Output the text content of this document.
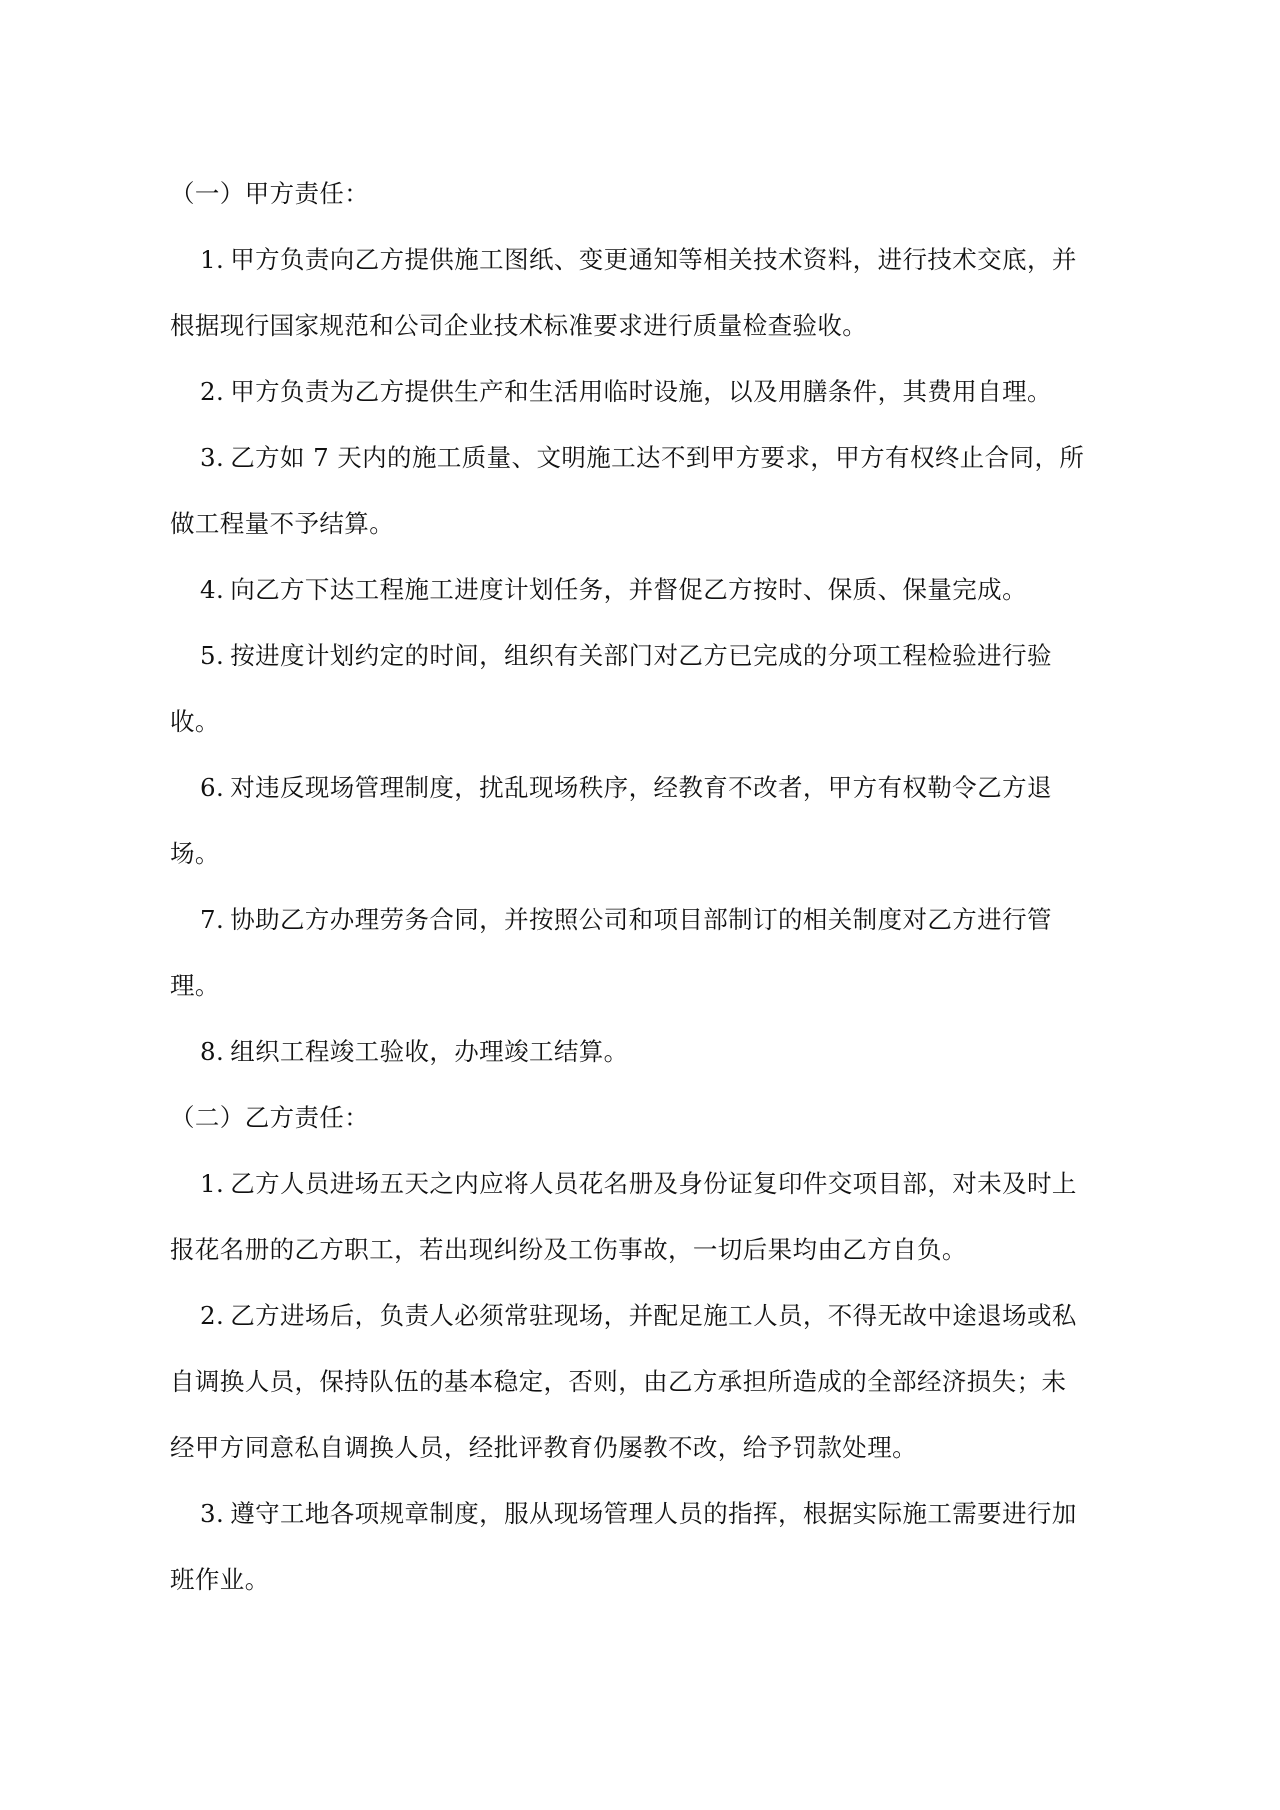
（一）甲方责任：
1. 甲方负责向乙方提供施工图纸、变更通知等相关技术资料，进行技术交底，并
根据现行国家规范和公司企业技术标准要求进行质量检查验收。
2. 甲方负责为乙方提供生产和生活用临时设施，以及用膳条件，其费用自理。
3. 乙方如 7 天内的施工质量、文明施工达不到甲方要求，甲方有权终止合同，所
做工程量不予结算。
4. 向乙方下达工程施工进度计划任务，并督促乙方按时、保质、保量完成。
5. 按进度计划约定的时间，组织有关部门对乙方已完成的分项工程检验进行验
收。
6. 对违反现场管理制度，扰乱现场秩序，经教育不改者，甲方有权勒令乙方退
场。
7. 协助乙方办理劳务合同，并按照公司和项目部制订的相关制度对乙方进行管
理。
8. 组织工程竣工验收，办理竣工结算。
（二）乙方责任：
1. 乙方人员进场五天之内应将人员花名册及身份证复印件交项目部，对未及时上
报花名册的乙方职工，若出现纠纷及工伤事故，一切后果均由乙方自负。
2. 乙方进场后，负责人必须常驻现场，并配足施工人员，不得无故中途退场或私
自调换人员，保持队伍的基本稳定，否则，由乙方承担所造成的全部经济损失；未
经甲方同意私自调换人员，经批评教育仍屡教不改，给予罚款处理。
3. 遵守工地各项规章制度，服从现场管理人员的指挥，根据实际施工需要进行加
班作业。
